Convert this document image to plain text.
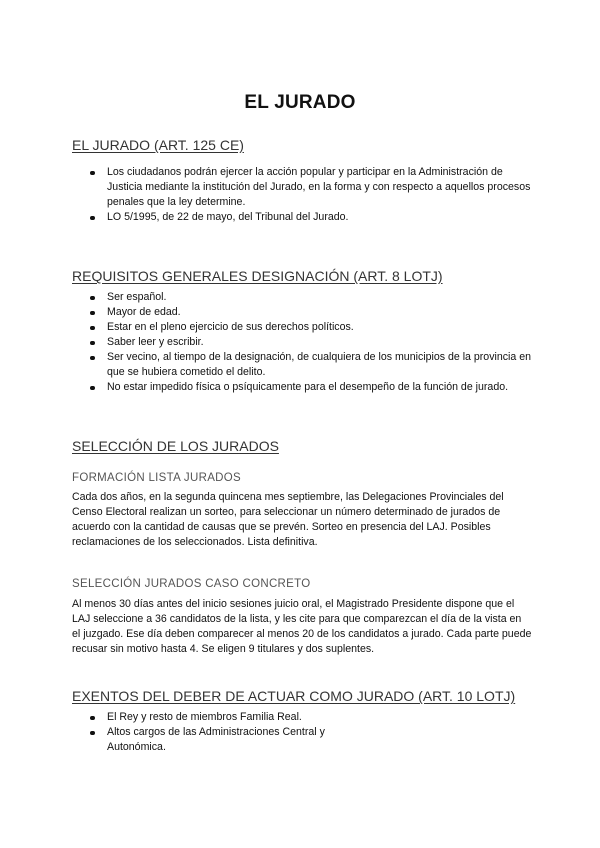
EL JURADO
EL JURADO (ART. 125 CE)
Los ciudadanos podrán ejercer la acción popular y participar en la Administración de Justicia mediante la institución del Jurado, en la forma y con respecto a aquellos procesos penales que la ley determine.
LO 5/1995, de 22 de mayo, del Tribunal del Jurado.
REQUISITOS GENERALES DESIGNACIÓN (ART. 8 LOTJ)
Ser español.
Mayor de edad.
Estar en el pleno ejercicio de sus derechos políticos.
Saber leer y escribir.
Ser vecino, al tiempo de la designación, de cualquiera de los municipios de la provincia en que se hubiera cometido el delito.
No estar impedido física o psíquicamente para el desempeño de la función de jurado.
SELECCIÓN DE LOS JURADOS
FORMACIÓN LISTA JURADOS
Cada dos años, en la segunda quincena mes septiembre, las Delegaciones Provinciales del Censo Electoral realizan un sorteo, para seleccionar un número determinado de jurados de acuerdo con la cantidad de causas que se prevén. Sorteo en presencia del LAJ. Posibles reclamaciones de los seleccionados. Lista definitiva.
SELECCIÓN JURADOS CASO CONCRETO
Al menos 30 días antes del inicio sesiones juicio oral, el Magistrado Presidente dispone que el LAJ seleccione a 36 candidatos de la lista, y les cite para que comparezcan el día de la vista en el juzgado. Ese día deben comparecer al menos 20 de los candidatos a jurado. Cada parte puede recusar sin motivo hasta 4. Se eligen 9 titulares y dos suplentes.
EXENTOS DEL DEBER DE ACTUAR COMO JURADO (ART. 10 LOTJ)
El Rey y resto de miembros Familia Real.
Altos cargos de las Administraciones Central y Autonómica.
